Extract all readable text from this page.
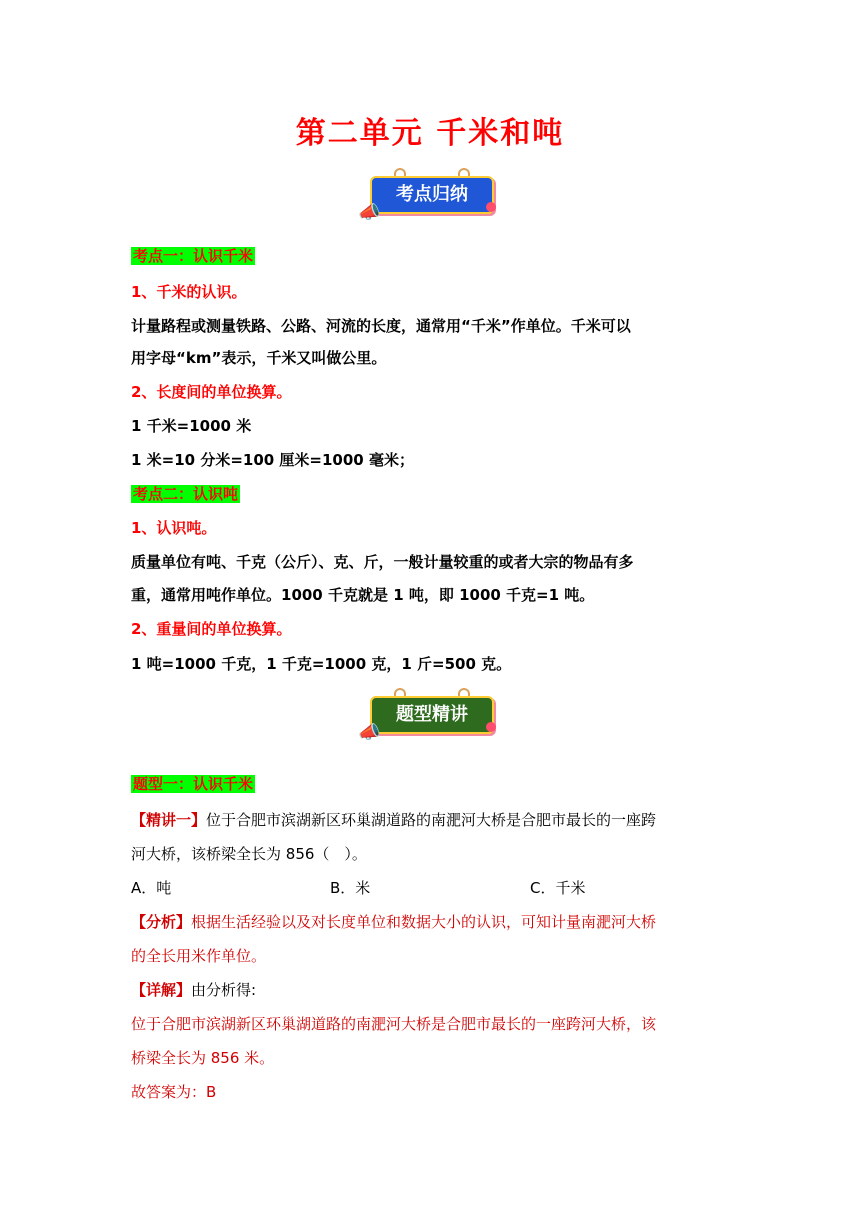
第二单元 千米和吨
考点归纳
📣
考点一：认识千米
1、千米的认识。
计量路程或测量铁路、公路、河流的长度，通常用“千米”作单位。千米可以
用字母“km”表示，千米又叫做公里。
2、长度间的单位换算。
1 千米=1000 米
1 米=10 分米=100 厘米=1000 毫米；
考点二：认识吨
1、认识吨。
质量单位有吨、千克（公斤）、克、斤，一般计量较重的或者大宗的物品有多
重，通常用吨作单位。1000 千克就是 1 吨，即 1000 千克=1 吨。
2、重量间的单位换算。
1 吨=1000 千克，1 千克=1000 克，1 斤=500 克。
题型精讲
📣
题型一：认识千米
【精讲一】位于合肥市滨湖新区环巢湖道路的南淝河大桥是合肥市最长的一座跨
河大桥，该桥梁全长为 856（　）。
A．吨	B．米	C．千米
【分析】根据生活经验以及对长度单位和数据大小的认识，可知计量南淝河大桥
的全长用米作单位。
【详解】由分析得:
位于合肥市滨湖新区环巢湖道路的南淝河大桥是合肥市最长的一座跨河大桥，该
桥梁全长为 856 米。
故答案为：B
